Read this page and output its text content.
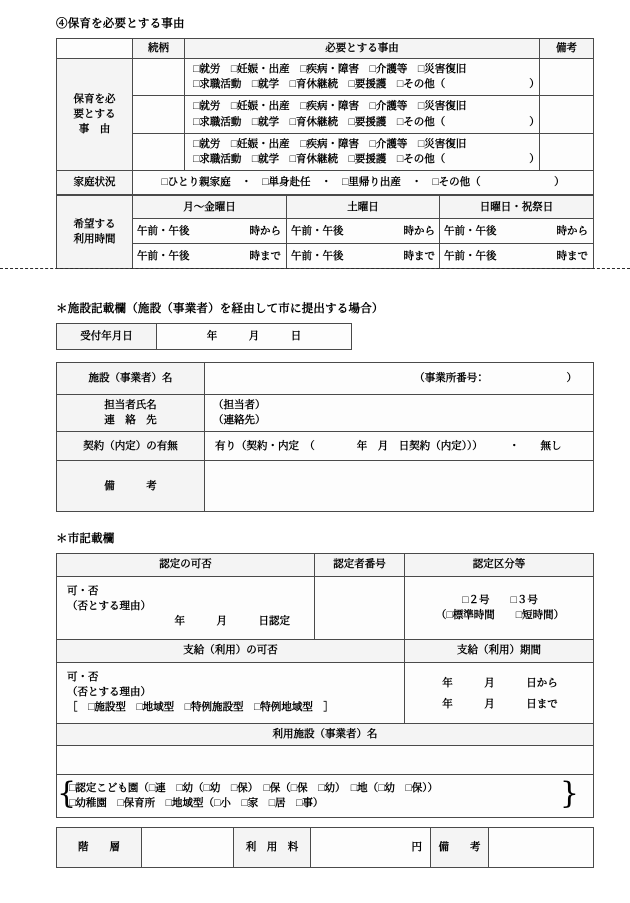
④保育を必要とする事由
	続柄	必要とする事由	備考

保育を必
要とする
事　由		□就労　□妊娠・出産　□疾病・障害　□介護等　□災害復旧
□求職活動　□就学　□育休継続　□要援護　□その他（　　　　　　　　）	

		□就労　□妊娠・出産　□疾病・障害　□介護等　□災害復旧
□求職活動　□就学　□育休継続　□要援護　□その他（　　　　　　　　）	

		□就労　□妊娠・出産　□疾病・障害　□介護等　□災害復旧
□求職活動　□就学　□育休継続　□要援護　□その他（　　　　　　　　）	

家庭状況	□ひとり親家庭　・　□単身赴任　・　□里帰り出産　・　□その他（　　　　　　　）		
希望する
利用時間	月～金曜日	土曜日	日曜日・祝祭日
	午前・午後 時から	午前・午後 時から	午前・午後 時から
	午前・午後 時まで	午前・午後 時まで	午前・午後 時まで
＊施設記載欄（施設（事業者）を経由して市に提出する場合）
受付年月日	年　　　月　　　日
施設（事業者）名	（事業所番号：　　　　　　　　）

担当者氏名
連　絡　先	（担当者）
（連絡先）

契約（内定）の有無	有り（契約・内定　（　　　　年　月　日契約（内定）））　　　・　　無し
備　　　考	
＊市記載欄
認定の可否	認定者番号	認定区分等

可・否
（否とする理由）
年　　　月　　　日認定		□２号　　□３号
（□標準時間　　□短時間）

支給（利用）の可否		支給（利用）期間

可・否
（否とする理由）
［　□施設型　□地域型　□特例施設型　□特例地域型　］		年　　　月　　　日から
年　　　月　　　日まで

利用施設（事業者）名		

{ }
□認定こども園（□連　□幼（□幼　□保）　□保（□保　□幼）　□地（□幼　□保））
□幼稚園　□保育所　□地域型（□小　□家　□居　□事）		
階　　層		利　用　料	円	備　　考	
